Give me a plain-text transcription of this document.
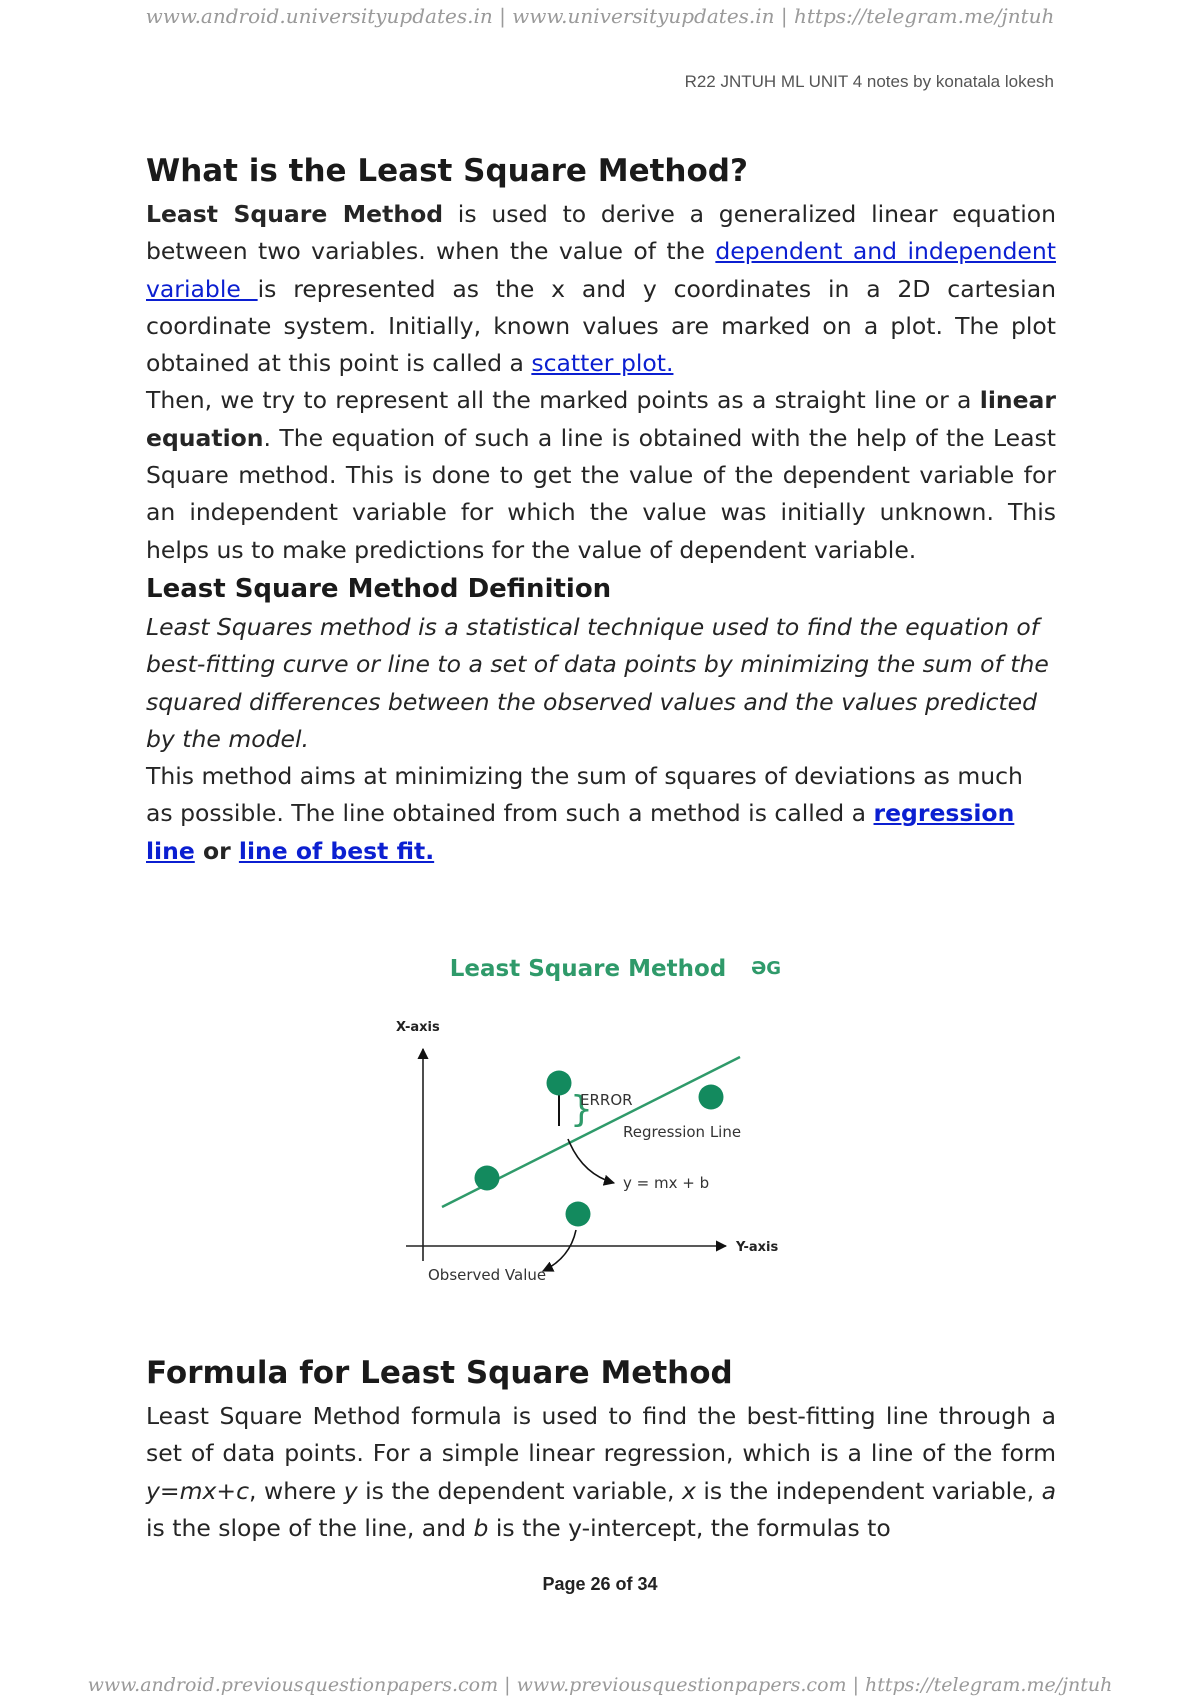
www.android.universityupdates.in | www.universityupdates.in | https://telegram.me/jntuh
R22 JNTUH ML UNIT 4 notes by konatala lokesh
What is the Least Square Method?

Least Square Method is used to derive a generalized linear equation between two variables. when the value of the dependent and independent variable is represented as the x and y coordinates in a 2D cartesian coordinate system. Initially, known values are marked on a plot. The plot obtained at this point is called a scatter plot.

Then, we try to represent all the marked points as a straight line or a linear equation. The equation of such a line is obtained with the help of the Least Square method. This is done to get the value of the dependent variable for an independent variable for which the value was initially unknown. This helps us to make predictions for the value of dependent variable.

Least Square Method Definition

Least Squares method is a statistical technique used to find the equation of best-fitting curve or line to a set of data points by minimizing the sum of the squared differences between the observed values and the values predicted by the model.

This method aims at minimizing the sum of squares of deviations as much as possible. The line obtained from such a method is called a regression line or line of best fit.

Least Square Method ƏG
X-axis
Y-axis
}
ERROR
Regression Line
y = mx + b
Observed Value
Formula for Least Square Method

Least Square Method formula is used to find the best-fitting line through a set of data points. For a simple linear regression, which is a line of the form y=mx+c, where y is the dependent variable, x is the independent variable, a is the slope of the line, and b is the y-intercept, the formulas to

Page 26 of 34
www.android.previousquestionpapers.com | www.previousquestionpapers.com | https://telegram.me/jntuh
